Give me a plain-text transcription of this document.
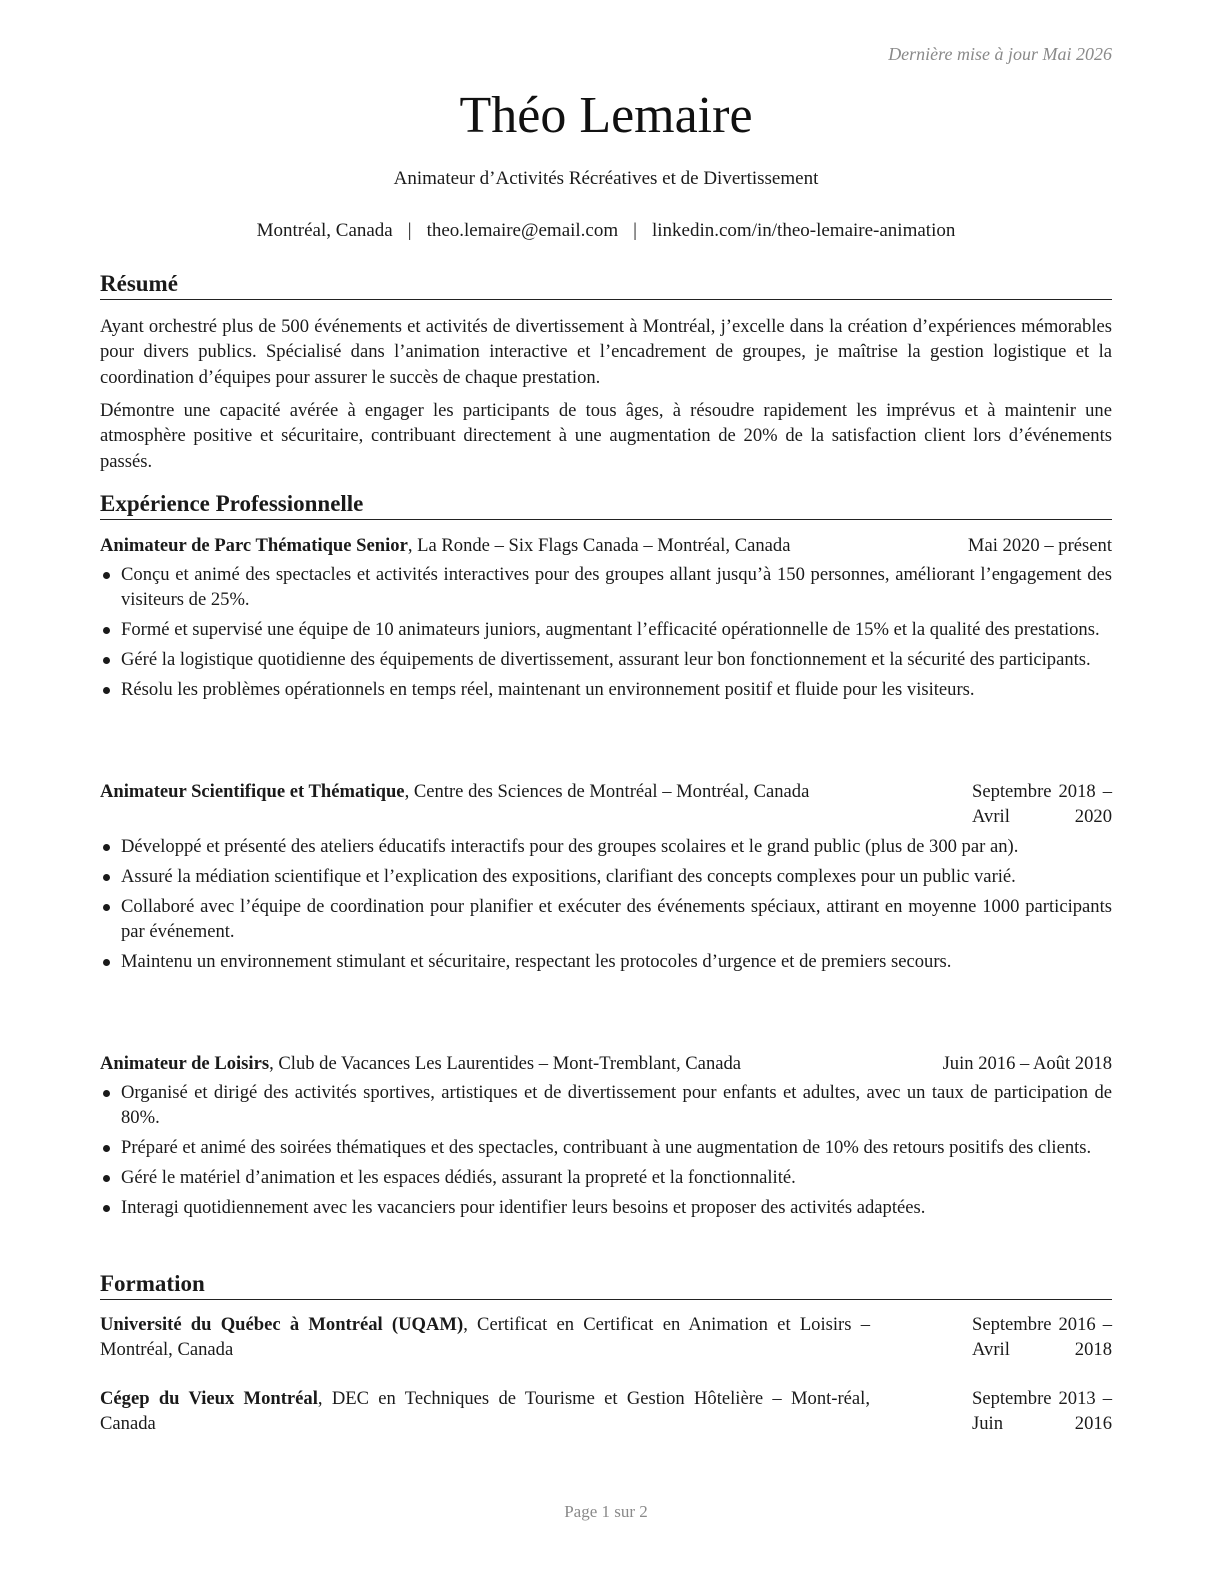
Dernière mise à jour Mai 2026
Théo Lemaire
Animateur d’Activités Récréatives et de Divertissement
Montréal, Canada | theo.lemaire@email.com | linkedin.com/in/theo-lemaire-animation
Résumé
Ayant orchestré plus de 500 événements et activités de divertissement à Montréal, j’excelle dans la création d’expériences mémorables pour divers publics. Spécialisé dans l’animation interactive et l’encadrement de groupes, je maîtrise la gestion logistique et la coordination d’équipes pour assurer le succès de chaque prestation.
Démontre une capacité avérée à engager les participants de tous âges, à résoudre rapidement les imprévus et à maintenir une atmosphère positive et sécuritaire, contribuant directement à une augmentation de 20% de la satisfaction client lors d’événements passés.
Expérience Professionnelle
Animateur de Parc Thématique Senior, La Ronde – Six Flags Canada – Montréal, Canada	Mai 2020 – présent
Conçu et animé des spectacles et activités interactives pour des groupes allant jusqu’à 150 personnes, améliorant l’engagement des visiteurs de 25%.
Formé et supervisé une équipe de 10 animateurs juniors, augmentant l’efficacité opérationnelle de 15% et la qualité des prestations.
Géré la logistique quotidienne des équipements de divertissement, assurant leur bon fonctionnement et la sécurité des participants.
Résolu les problèmes opérationnels en temps réel, maintenant un environnement positif et fluide pour les visiteurs.
Animateur Scientifique et Thématique, Centre des Sciences de Montréal – Montréal, Canada	Septembre 2018 – Avril 2020
Développé et présenté des ateliers éducatifs interactifs pour des groupes scolaires et le grand public (plus de 300 par an).
Assuré la médiation scientifique et l’explication des expositions, clarifiant des concepts complexes pour un public varié.
Collaboré avec l’équipe de coordination pour planifier et exécuter des événements spéciaux, attirant en moyenne 1000 participants par événement.
Maintenu un environnement stimulant et sécuritaire, respectant les protocoles d’urgence et de premiers secours.
Animateur de Loisirs, Club de Vacances Les Laurentides – Mont-Tremblant, Canada	Juin 2016 – Août 2018
Organisé et dirigé des activités sportives, artistiques et de divertissement pour enfants et adultes, avec un taux de participation de 80%.
Préparé et animé des soirées thématiques et des spectacles, contribuant à une augmentation de 10% des retours positifs des clients.
Géré le matériel d’animation et les espaces dédiés, assurant la propreté et la fonctionnalité.
Interagi quotidiennement avec les vacanciers pour identifier leurs besoins et proposer des activités adaptées.
Formation
Université du Québec à Montréal (UQAM), Certificat en Certificat en Animation et Loisirs – Montréal, Canada
Septembre 2016 – Avril 2018
Cégep du Vieux Montréal, DEC en Techniques de Tourisme et Gestion Hôtelière – Mont-réal, Canada
Septembre 2013 – Juin 2016
Page 1 sur 2
